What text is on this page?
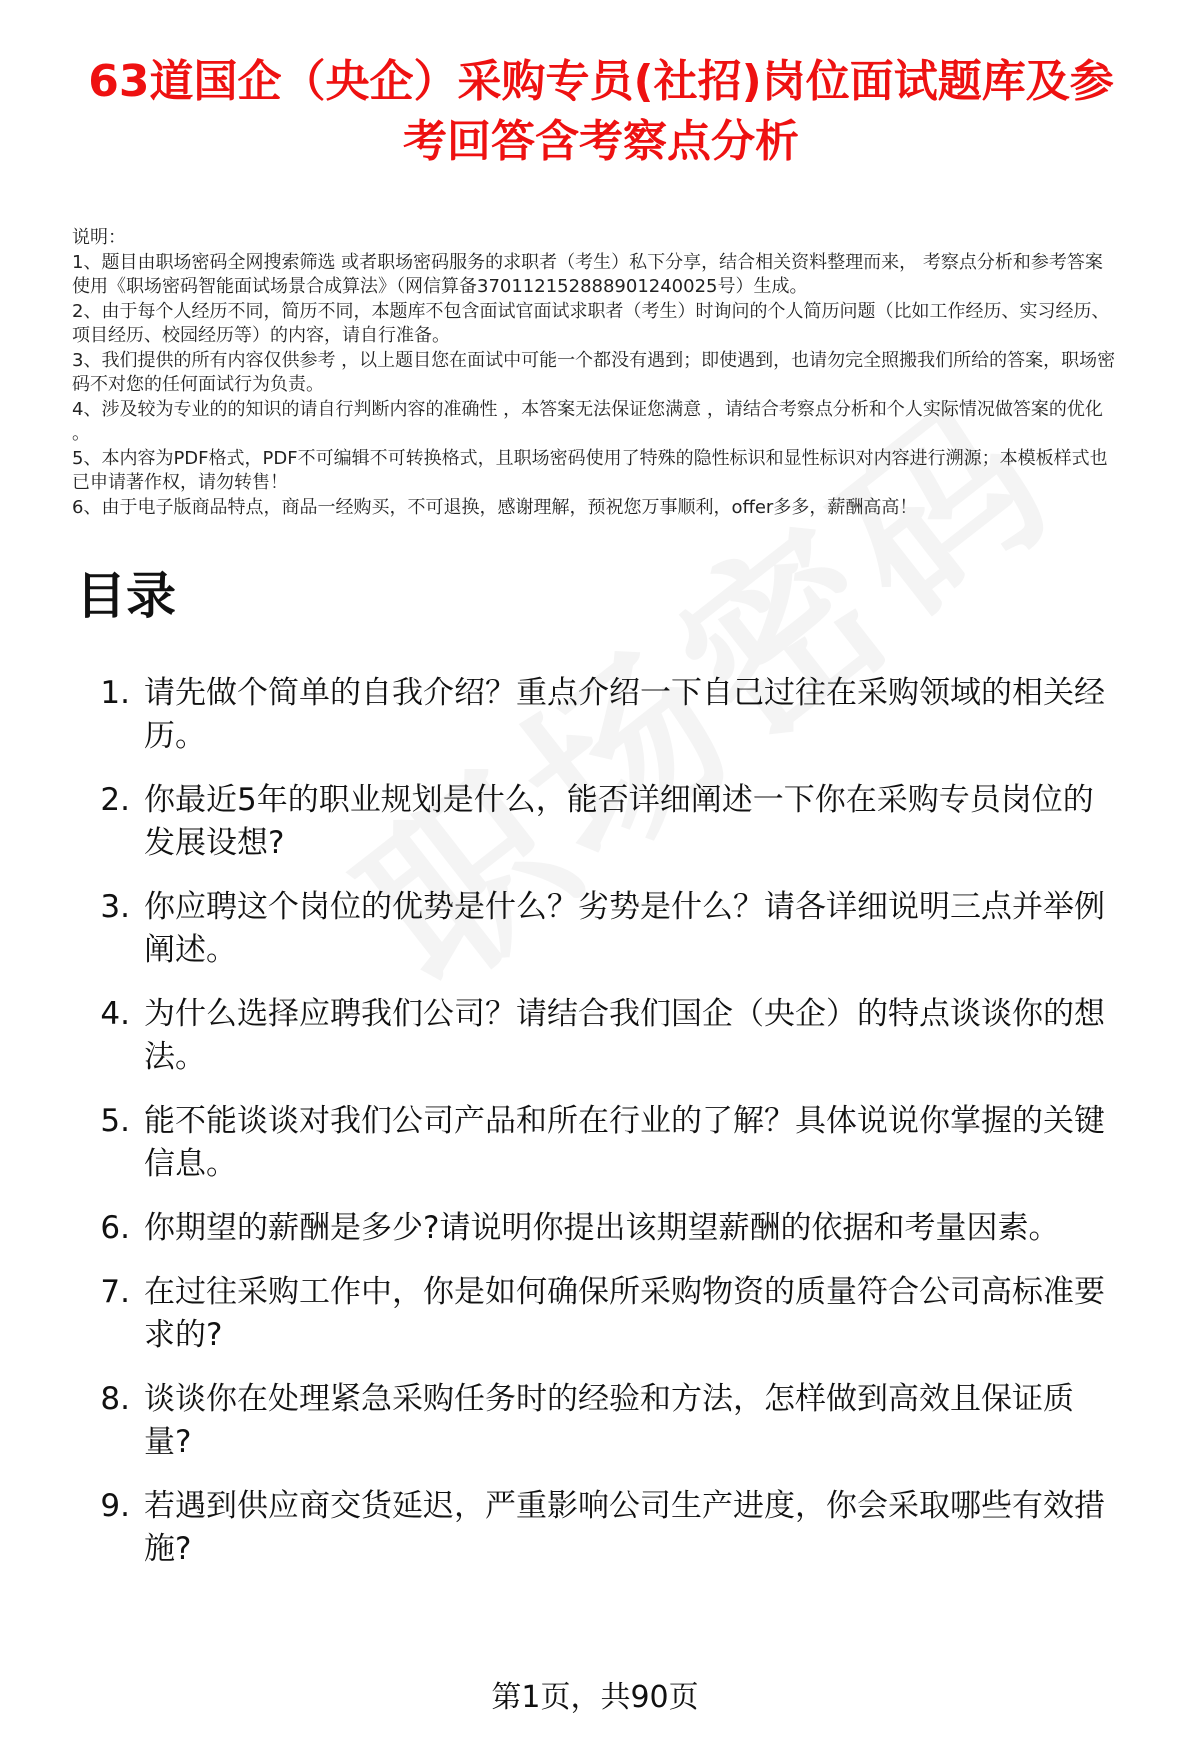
63道国企（央企）采购专员(社招)岗位面试题库及参考回答含考察点分析

说明：

1、题目由职场密码全网搜索筛选 或者职场密码服务的求职者（考生）私下分享，结合相关资料整理而来， 考察点分析和参考答案使用《职场密码智能面试场景合成算法》（网信算备370112152888901240025号）生成。

2、由于每个人经历不同，简历不同，本题库不包含面试官面试求职者（考生）时询问的个人简历问题（比如工作经历、实习经历、项目经历、校园经历等）的内容，请自行准备。

3、我们提供的所有内容仅供参考 ，以上题目您在面试中可能一个都没有遇到；即使遇到，也请勿完全照搬我们所给的答案，职场密码不对您的任何面试行为负责。

4、涉及较为专业的的知识的请自行判断内容的准确性 ，本答案无法保证您满意 ，请结合考察点分析和个人实际情况做答案的优化 。

5、本内容为PDF格式，PDF不可编辑不可转换格式，且职场密码使用了特殊的隐性标识和显性标识对内容进行溯源；本模板样式也已申请著作权，请勿转售！

6、由于电子版商品特点，商品一经购买，不可退换，感谢理解，预祝您万事顺利，offer多多，薪酬高高！

目录
1. 请先做个简单的自我介绍？重点介绍一下自己过往在采购领域的相关经历。
2. 你最近5年的职业规划是什么，能否详细阐述一下你在采购专员岗位的发展设想?
3. 你应聘这个岗位的优势是什么？劣势是什么？请各详细说明三点并举例阐述。
4. 为什么选择应聘我们公司？请结合我们国企（央企）的特点谈谈你的想法。
5. 能不能谈谈对我们公司产品和所在行业的了解？具体说说你掌握的关键信息。
6. 你期望的薪酬是多少?请说明你提出该期望薪酬的依据和考量因素。
7. 在过往采购工作中，你是如何确保所采购物资的质量符合公司高标准要求的?
8. 谈谈你在处理紧急采购任务时的经验和方法，怎样做到高效且保证质量?
9. 若遇到供应商交货延迟，严重影响公司生产进度，你会采取哪些有效措施?
第1页，共90页
